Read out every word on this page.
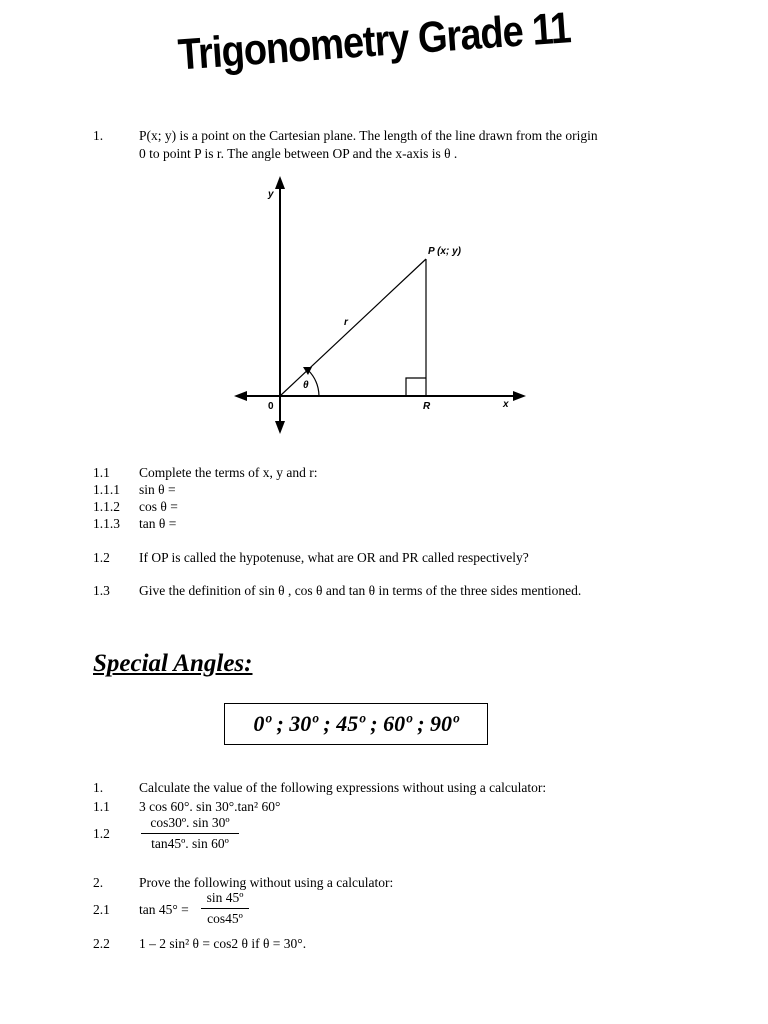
Trigonometry Grade 11
1.	P(x; y) is a point on the Cartesian plane. The length of the line drawn from the origin
0 to point P is r. The angle between OP and the x-axis is θ .
y
x
0
P (x; y)
r
R
θ
1.1 Complete the terms of x, y and r:
1.1.1 sin θ =
1.1.2 cos θ =
1.1.3 tan θ =
1.2 If OP is called the hypotenuse, what are OR and PR called respectively?
1.3 Give the definition of sin θ , cos θ and tan θ in terms of the three sides mentioned.
Special Angles:
0º ; 30º ; 45º ; 60º ; 90º
1.	Calculate the value of the following expressions without using a calculator:
1.1 3 cos 60°. sin 30°.tan² 60°
1.2
cos30º. sin 30º
tan45º. sin 60º
2.	Prove the following without using a calculator:
2.1 tan 45° =
sin 45º
cos45º
2.2 1 – 2 sin² θ = cos2 θ if θ = 30°.
